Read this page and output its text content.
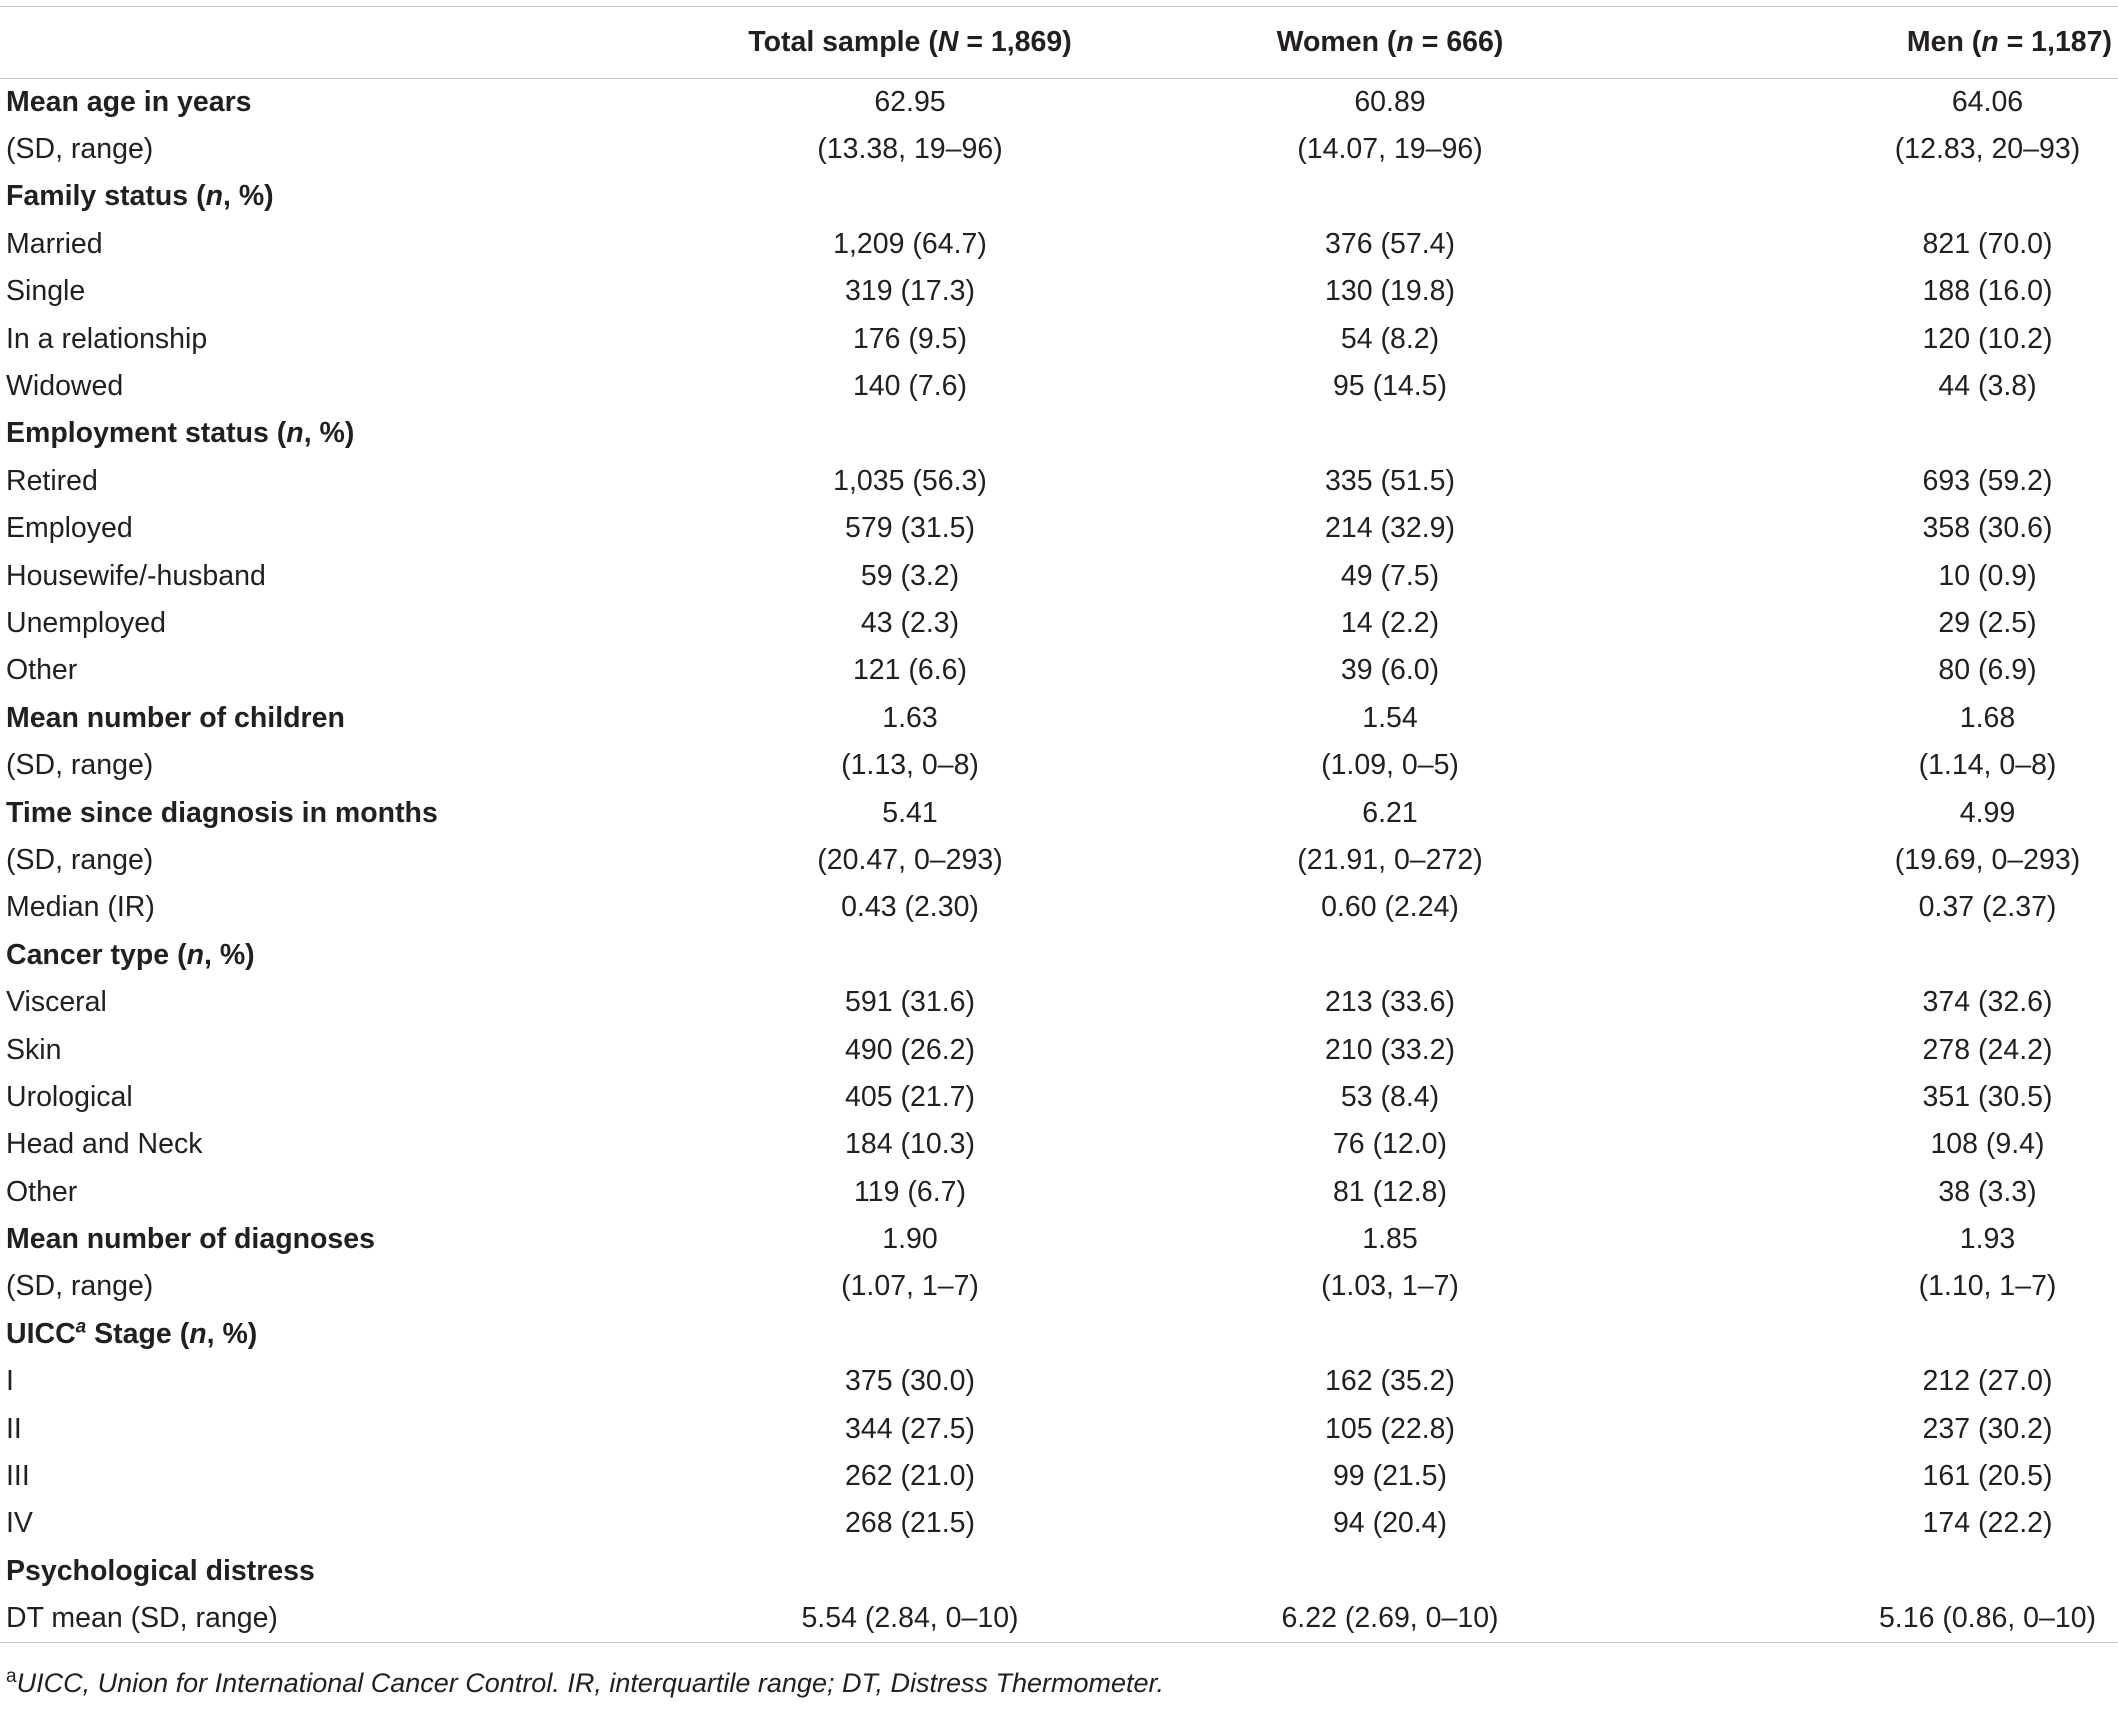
	Total sample (N = 1,869)	Women (n = 666)	Men (n = 1,187)
Mean age in years	62.95	60.89	64.06
(SD, range)	(13.38, 19–96)	(14.07, 19–96)	(12.83, 20–93)
Family status (n, %)			
Married	1,209 (64.7)	376 (57.4)	821 (70.0)
Single	319 (17.3)	130 (19.8)	188 (16.0)
In a relationship	176 (9.5)	54 (8.2)	120 (10.2)
Widowed	140 (7.6)	95 (14.5)	44 (3.8)
Employment status (n, %)			
Retired	1,035 (56.3)	335 (51.5)	693 (59.2)
Employed	579 (31.5)	214 (32.9)	358 (30.6)
Housewife/-husband	59 (3.2)	49 (7.5)	10 (0.9)
Unemployed	43 (2.3)	14 (2.2)	29 (2.5)
Other	121 (6.6)	39 (6.0)	80 (6.9)
Mean number of children	1.63	1.54	1.68
(SD, range)	(1.13, 0–8)	(1.09, 0–5)	(1.14, 0–8)
Time since diagnosis in months	5.41	6.21	4.99
(SD, range)	(20.47, 0–293)	(21.91, 0–272)	(19.69, 0–293)
Median (IR)	0.43 (2.30)	0.60 (2.24)	0.37 (2.37)
Cancer type (n, %)			
Visceral	591 (31.6)	213 (33.6)	374 (32.6)
Skin	490 (26.2)	210 (33.2)	278 (24.2)
Urological	405 (21.7)	53 (8.4)	351 (30.5)
Head and Neck	184 (10.3)	76 (12.0)	108 (9.4)
Other	119 (6.7)	81 (12.8)	38 (3.3)
Mean number of diagnoses	1.90	1.85	1.93
(SD, range)	(1.07, 1–7)	(1.03, 1–7)	(1.10, 1–7)
UICC$^a$ Stage (n, %)			
I	375 (30.0)	162 (35.2)	212 (27.0)
II	344 (27.5)	105 (22.8)	237 (30.2)
III	262 (21.0)	99 (21.5)	161 (20.5)
IV	268 (21.5)	94 (20.4)	174 (22.2)
Psychological distress			
DT mean (SD, range)	5.54 (2.84, 0–10)	6.22 (2.69, 0–10)	5.16 (0.86, 0–10)
$^a$UICC, Union for International Cancer Control. IR, interquartile range; DT, Distress Thermometer.
